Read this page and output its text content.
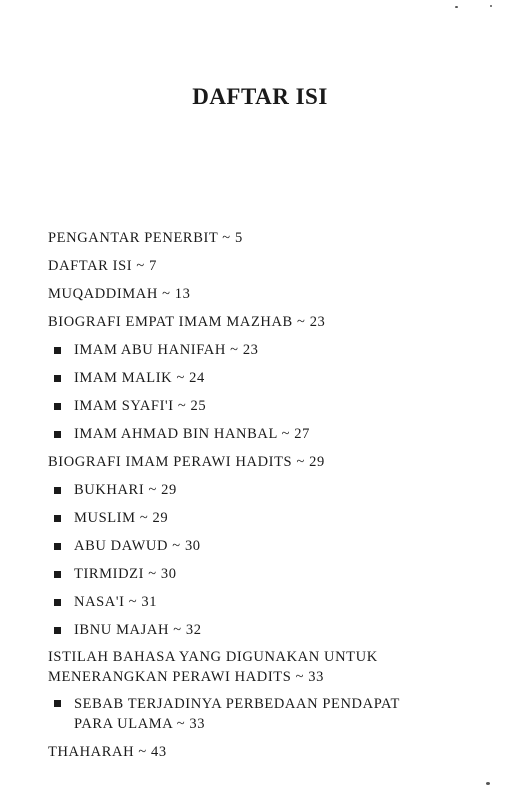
DAFTAR ISI
PENGANTAR PENERBIT ~ 5
DAFTAR ISI ~ 7
MUQADDIMAH ~ 13
BIOGRAFI EMPAT IMAM MAZHAB ~ 23
IMAM ABU HANIFAH ~ 23
IMAM MALIK ~ 24
IMAM SYAFI'I ~ 25
IMAM AHMAD BIN HANBAL ~ 27
BIOGRAFI IMAM PERAWI HADITS ~ 29
BUKHARI ~ 29
MUSLIM ~ 29
ABU DAWUD ~ 30
TIRMIDZI ~ 30
NASA'I ~ 31
IBNU MAJAH ~ 32
ISTILAH BAHASA YANG DIGUNAKAN UNTUK
MENERANGKAN PERAWI HADITS ~ 33
SEBAB TERJADINYA PERBEDAAN PENDAPAT
PARA ULAMA ~ 33
THAHARAH ~ 43
